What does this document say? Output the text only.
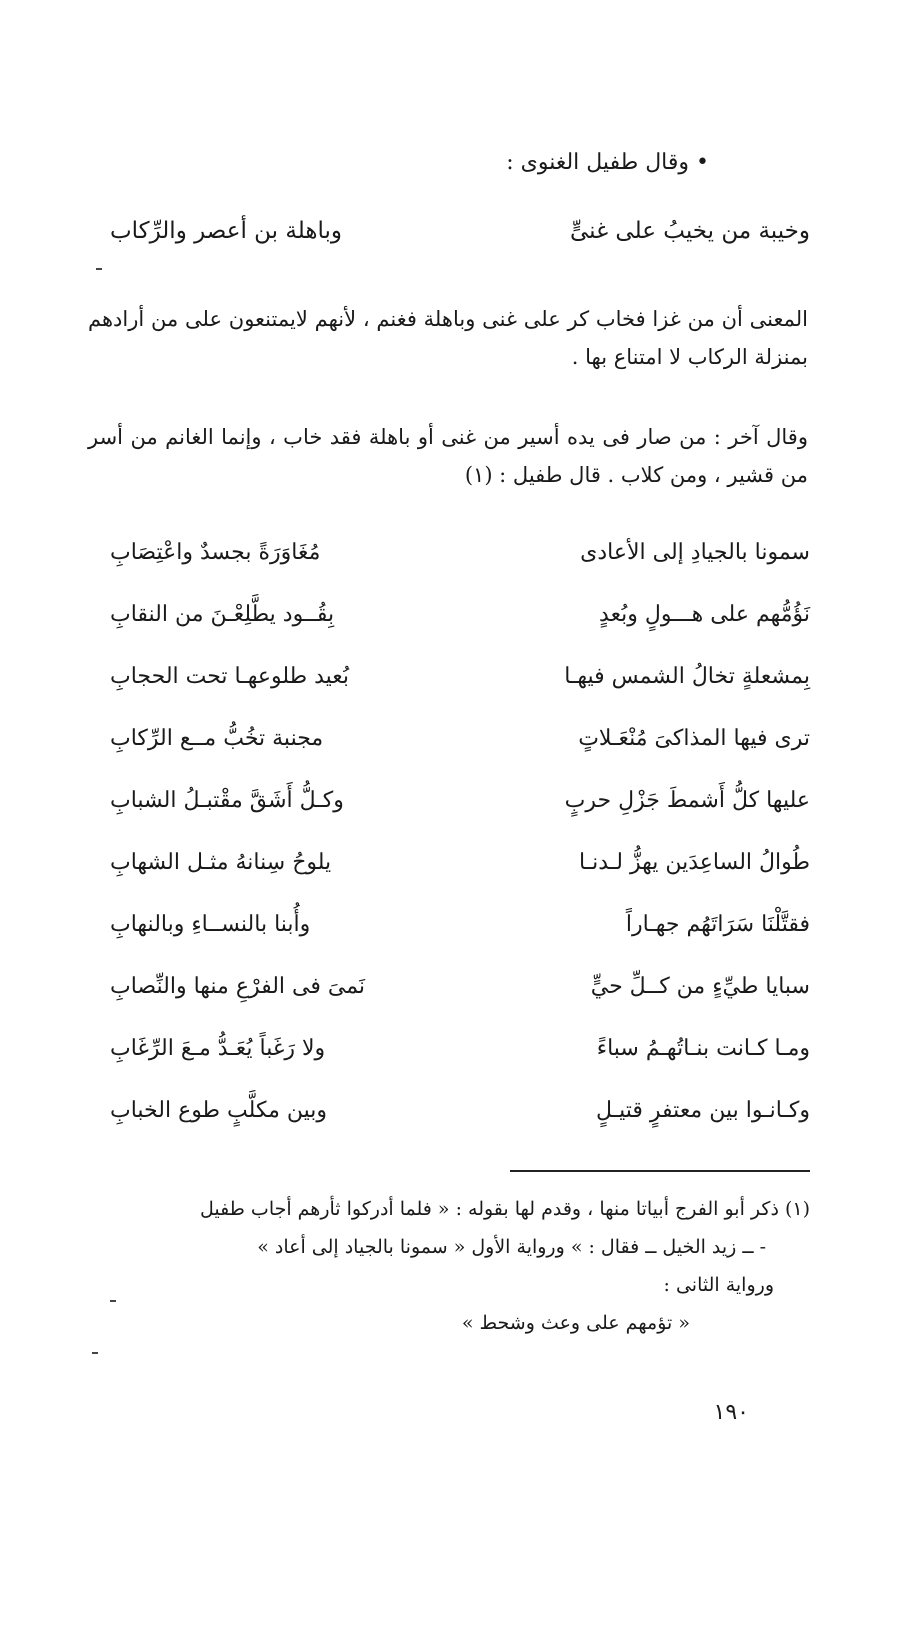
• وقال طفيل الغنوى :
وخيبة من يخيبُ على غنىٍّ
وباهلة بن أعصر والرِّكاب
المعنى أن من غزا فخاب كر على غنى وباهلة فغنم ، لأنهم لايمتنعون على من أرادهم بمنزلة الركاب لا امتناع بها .
وقال آخر : من صار فى يده أسير من غنى أو باهلة فقد خاب ، وإنما الغانم من أسر من قشير ، ومن كلاب . قال طفيل : (١)
سمونا بالجيادِ إلى الأعادى
مُغَاوَرَةً بجسدٌ واعْتِصَابِ
نَؤُمُّهم على هـــولٍ وبُعدٍ
بِقُــود يطَّلِعْـنَ من النقابِ
بِمشعلةٍ تخالُ الشمس فيهـا
بُعيد طلوعهـا تحت الحجابِ
ترى فيها المذاكىَ مُنْعَـلاتٍ
مجنبة تخُبُّ مــع الرِّكابِ
عليها كلُّ أَشمطَ جَزْلِ حربٍ
وكـلُّ أَشَقَّ مقْتبـلُ الشبابِ
طُوالُ الساعِدَين يهزُّ لـدنـا
يلوحُ سِنانهُ مثـل الشهابِ
فقتَّلْنَا سَرَاتَهُم جهـاراً
وأُبنا بالنســاءِ وبالنهابِ
سبايا طيِّءٍ من كــلِّ حيٍّ
نَمىَ فى الفرْعِ منها والنِّصابِ
ومـا كـانت بنـاتُهـمُ سباءً
ولا رَغَباً يُعَـدُّ مـعَ الرِّغَابِ
وكـانـوا بين معتفرٍ قتيـلٍ
وبين مكلَّبٍ طوع الخبابِ
(١) ذكر أبو الفرج أبياتا منها ، وقدم لها بقوله : « فلما أدركوا ثأرهم أجاب طفيل
- ــ زيد الخيل ــ فقال : » ورواية الأول « سمونا بالجياد إلى أعاد »
ورواية الثانى :
« تؤمهم على وعث وشحط »
١٩٠
